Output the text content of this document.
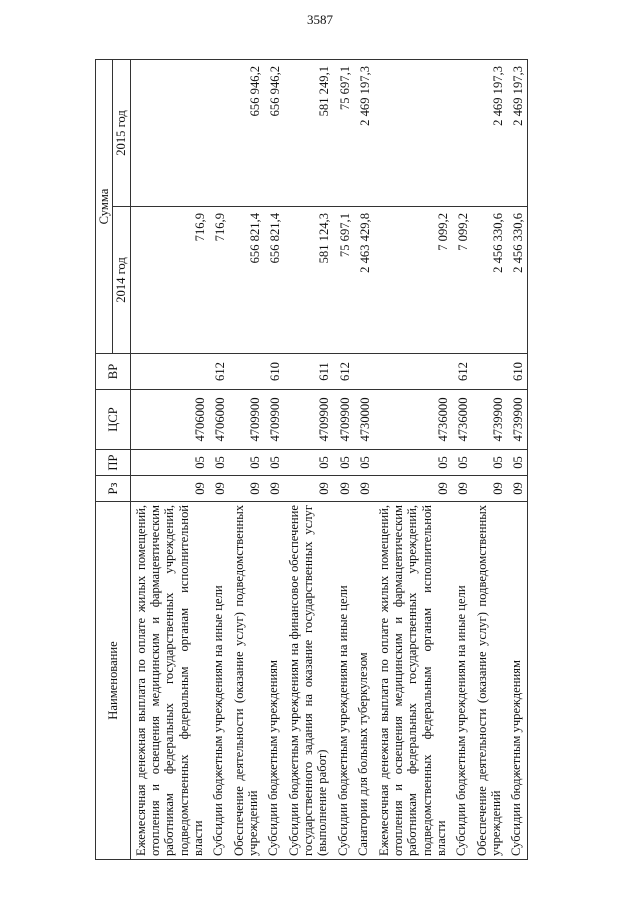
3587
Наименование	Рз	ПР	ЦСР	ВР	Сумма	
					2014 год	2015 год
Ежемесячная денежная выплата по оплате жилых помещений, отопления и освещения медицинским и фармацевтическим работникам федеральных государственных учреждений, подведомственных федеральным органам исполнительной власти	09	05	4706000		716,9	
Субсидии бюджетным учреждениям на иные цели	09	05	4706000	612	716,9	
Обеспечение деятельности (оказание услуг) подведомственных учреждений	09	05	4709900		656 821,4	656 946,2
Субсидии бюджетным учреждениям	09	05	4709900	610	656 821,4	656 946,2
Субсидии бюджетным учреждениям на финансовое обеспечение государственного задания на оказание государственных услуг (выполнение работ)	09	05	4709900	611	581 124,3	581 249,1
Субсидии бюджетным учреждениям на иные цели	09	05	4709900	612	75 697,1	75 697,1
Санатории для больных туберкулезом	09	05	4730000		2 463 429,8	2 469 197,3
Ежемесячная денежная выплата по оплате жилых помещений, отопления и освещения медицинским и фармацевтическим работникам федеральных государственных учреждений, подведомственных федеральным органам исполнительной власти	09	05	4736000		7 099,2	
Субсидии бюджетным учреждениям на иные цели	09	05	4736000	612	7 099,2	
Обеспечение деятельности (оказание услуг) подведомственных учреждений	09	05	4739900		2 456 330,6	2 469 197,3
Субсидии бюджетным учреждениям	09	05	4739900	610	2 456 330,6	2 469 197,3
